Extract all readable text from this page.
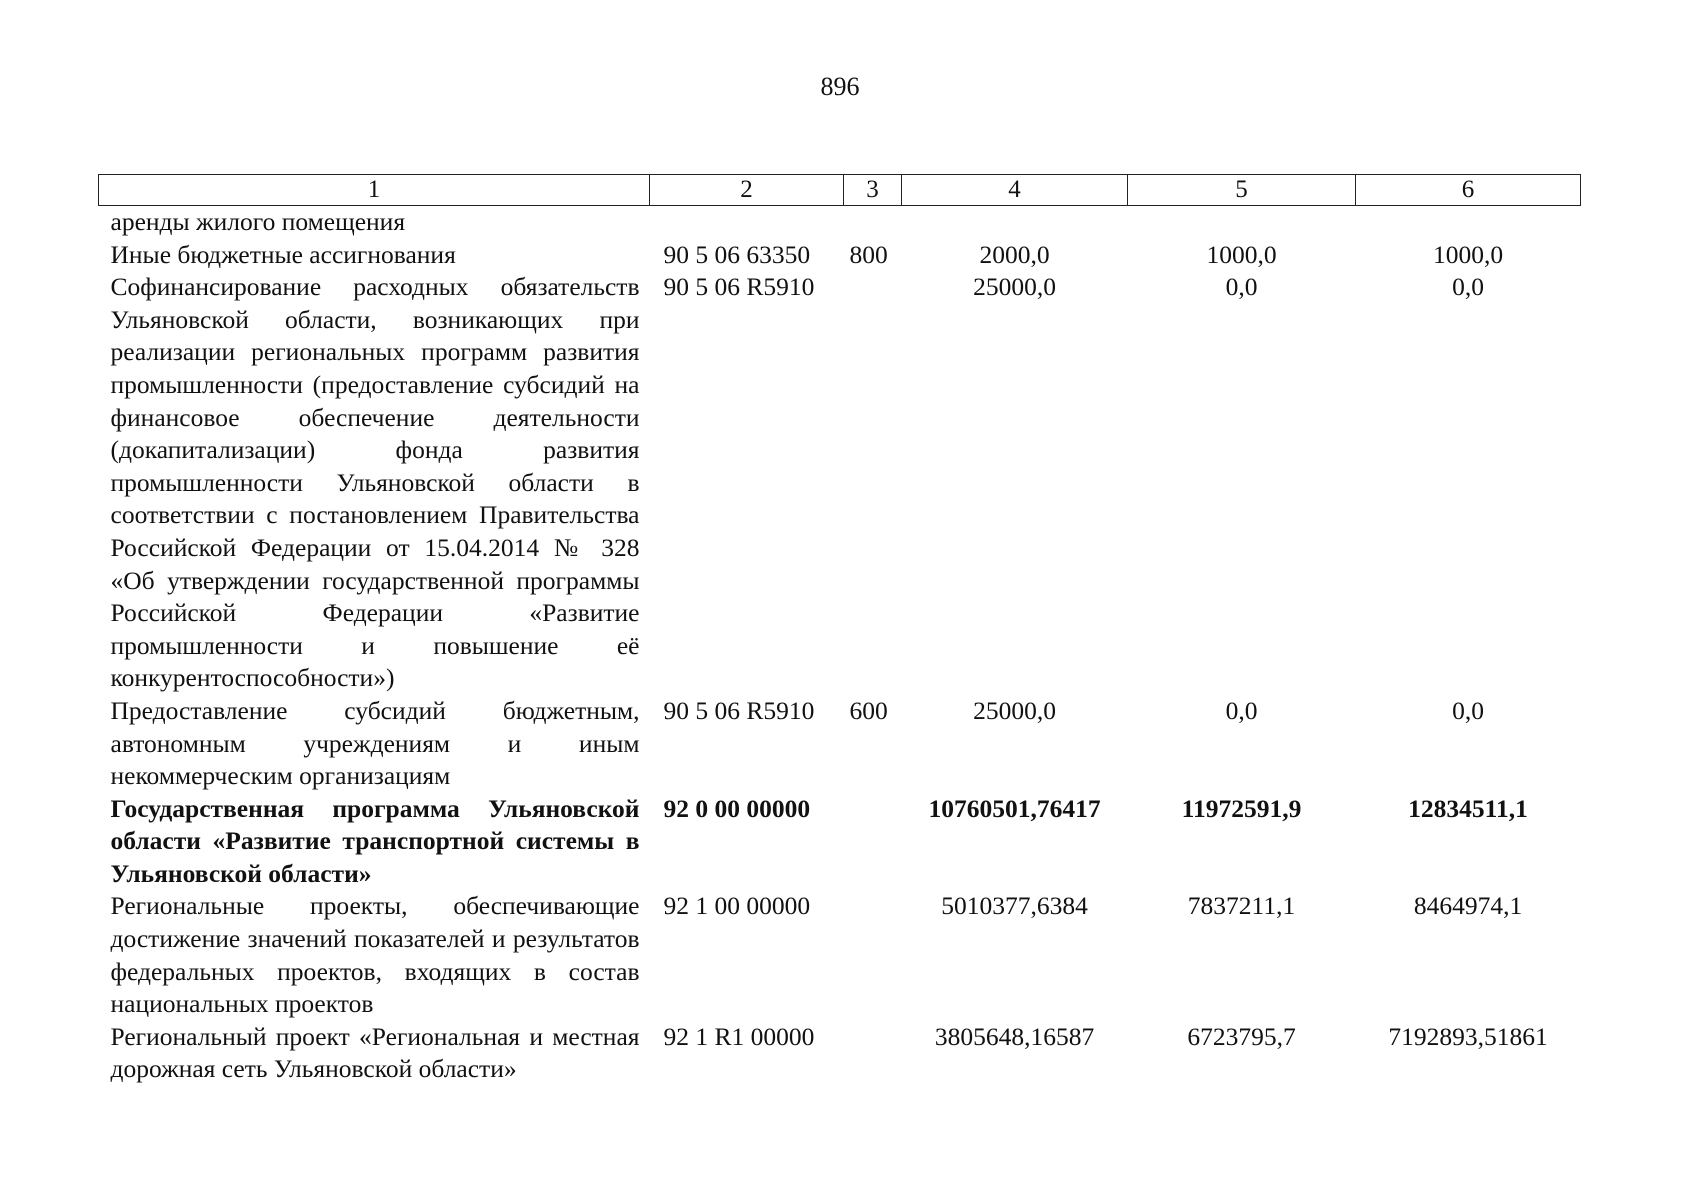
896
1	2	3	4	5	6
аренды жилого помещения					
Иные бюджетные ассигнования	90 5 06 63350	800	2000,0	1000,0	1000,0
Софинансирование расходных обязательств Ульяновской области, возникающих при реализации региональных программ развития промышленности (предоставление субсидий на финансовое обеспечение деятельности (докапитализации) фонда развития промышленности Ульяновской области в соответствии с постановлением Правительства Российской Федерации от 15.04.2014 № 328 «Об утверждении государственной программы Российской Федерации «Развитие промышленности и повышение её конкурентоспособности»)	90 5 06 R5910		25000,0	0,0	0,0
Предоставление субсидий бюджетным, автономным учреждениям и иным некоммерческим организациям	90 5 06 R5910	600	25000,0	0,0	0,0
Государственная программа Ульяновской области «Развитие транспортной системы в Ульяновской области»	92 0 00 00000		10760501,76417	11972591,9	12834511,1
Региональные проекты, обеспечивающие достижение значений показателей и результатов федеральных проектов, входящих в состав национальных проектов	92 1 00 00000		5010377,6384	7837211,1	8464974,1
Региональный проект «Региональная и местная дорожная сеть Ульяновской области»	92 1 R1 00000		3805648,16587	6723795,7	7192893,51861
